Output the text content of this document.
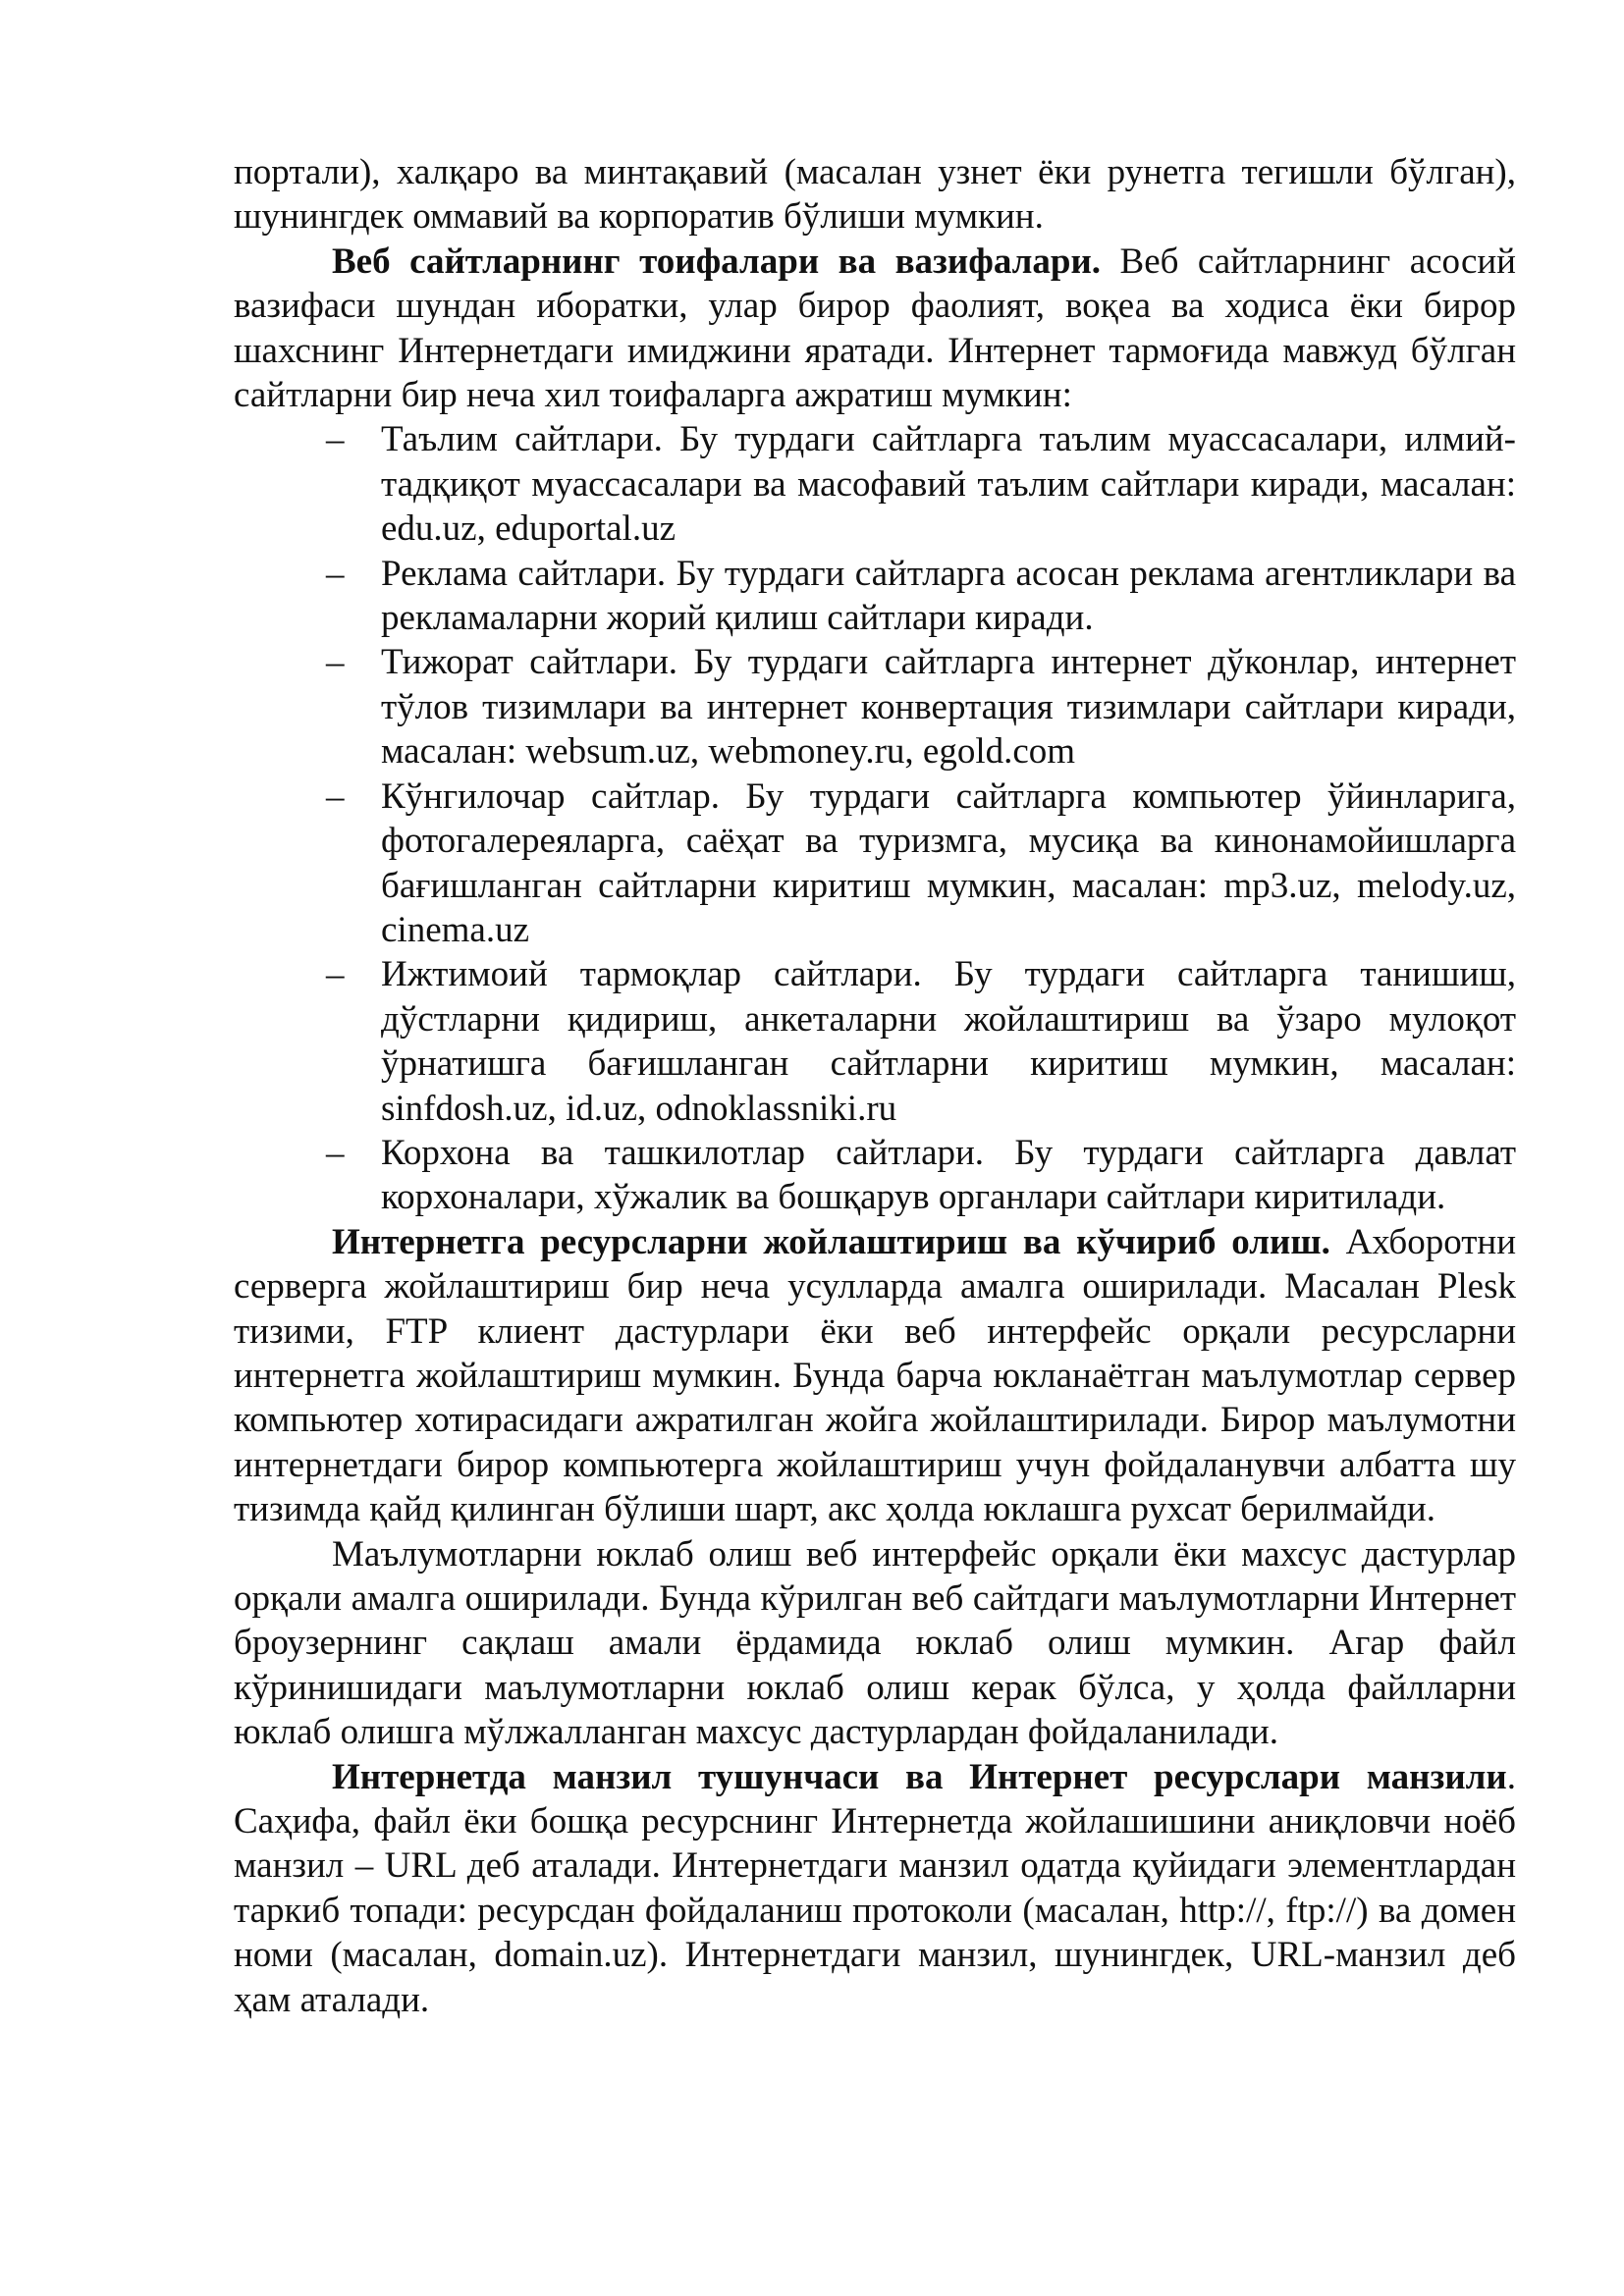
портали), халқаро ва минтақавий (масалан узнет ёки рунетга тегишли бўлган), шунингдек оммавий ва корпоратив бўлиши мумкин.

Веб сайтларнинг тоифалари ва вазифалари. Веб сайтларнинг асосий вазифаси шундан иборатки, улар бирор фаолият, воқеа ва ходиса ёки бирор шахснинг Интернетдаги имиджини яратади. Интернет тармоғида мавжуд бўлган сайтларни бир неча хил тоифаларга ажратиш мумкин:

– Таълим сайтлари. Бу турдаги сайтларга таълим муассасалари, илмий-тадқиқот муассасалари ва масофавий таълим сайтлари киради, масалан: edu.uz, eduportal.uz
– Реклама сайтлари. Бу турдаги сайтларга асосан реклама агентликлари ва рекламаларни жорий қилиш сайтлари киради.
– Тижорат сайтлари. Бу турдаги сайтларга интернет дўконлар, интернет тўлов тизимлари ва интернет конвертация тизимлари сайтлари киради, масалан: websum.uz, webmoney.ru, egold.com
– Кўнгилочар сайтлар. Бу турдаги сайтларга компьютер ўйинларига, фотогалереяларга, саёҳат ва туризмга, мусиқа ва кинонамойишларга бағишланган сайтларни киритиш мумкин, масалан: mp3.uz, melody.uz, cinema.uz
– Ижтимоий тармоқлар сайтлари. Бу турдаги сайтларга танишиш, дўстларни қидириш, анкеталарни жойлаштириш ва ўзаро мулоқот ўрнатишга бағишланган сайтларни киритиш мумкин, масалан: sinfdosh.uz, id.uz, odnoklassniki.ru
– Корхона ва ташкилотлар сайтлари. Бу турдаги сайтларга давлат корхоналари, хўжалик ва бошқарув органлари сайтлари киритилади.

Интернетга ресурсларни жойлаштириш ва кўчириб олиш. Ахборотни серверга жойлаштириш бир неча усулларда амалга оширилади. Масалан Plesk тизими, FTP клиент дастурлари ёки веб интерфейс орқали ресурсларни интернетга жойлаштириш мумкин. Бунда барча юкланаётган маълумотлар сервер компьютер хотирасидаги ажратилган жойга жойлаштирилади. Бирор маълумотни интернетдаги бирор компьютерга жойлаштириш учун фойдаланувчи албатта шу тизимда қайд қилинган бўлиши шарт, акс ҳолда юклашга рухсат берилмайди.

Маълумотларни юклаб олиш веб интерфейс орқали ёки махсус дастурлар орқали амалга оширилади. Бунда кўрилган веб сайтдаги маълумотларни Интернет броузернинг сақлаш амали ёрдамида юклаб олиш мумкин. Агар файл кўринишидаги маълумотларни юклаб олиш керак бўлса, у ҳолда файлларни юклаб олишга мўлжалланган махсус дастурлардан фойдаланилади.

Интернетда манзил тушунчаси ва Интернет ресурслари манзили. Саҳифа, файл ёки бошқа ресурснинг Интернетда жойлашишини аниқловчи ноёб манзил – URL деб аталади. Интернетдаги манзил одатда қуйидаги элементлардан таркиб топади: ресурсдан фойдаланиш протоколи (масалан, http://, ftp://) ва домен номи (масалан, domain.uz). Интернетдаги манзил, шунингдек, URL-манзил деб ҳам аталади.
